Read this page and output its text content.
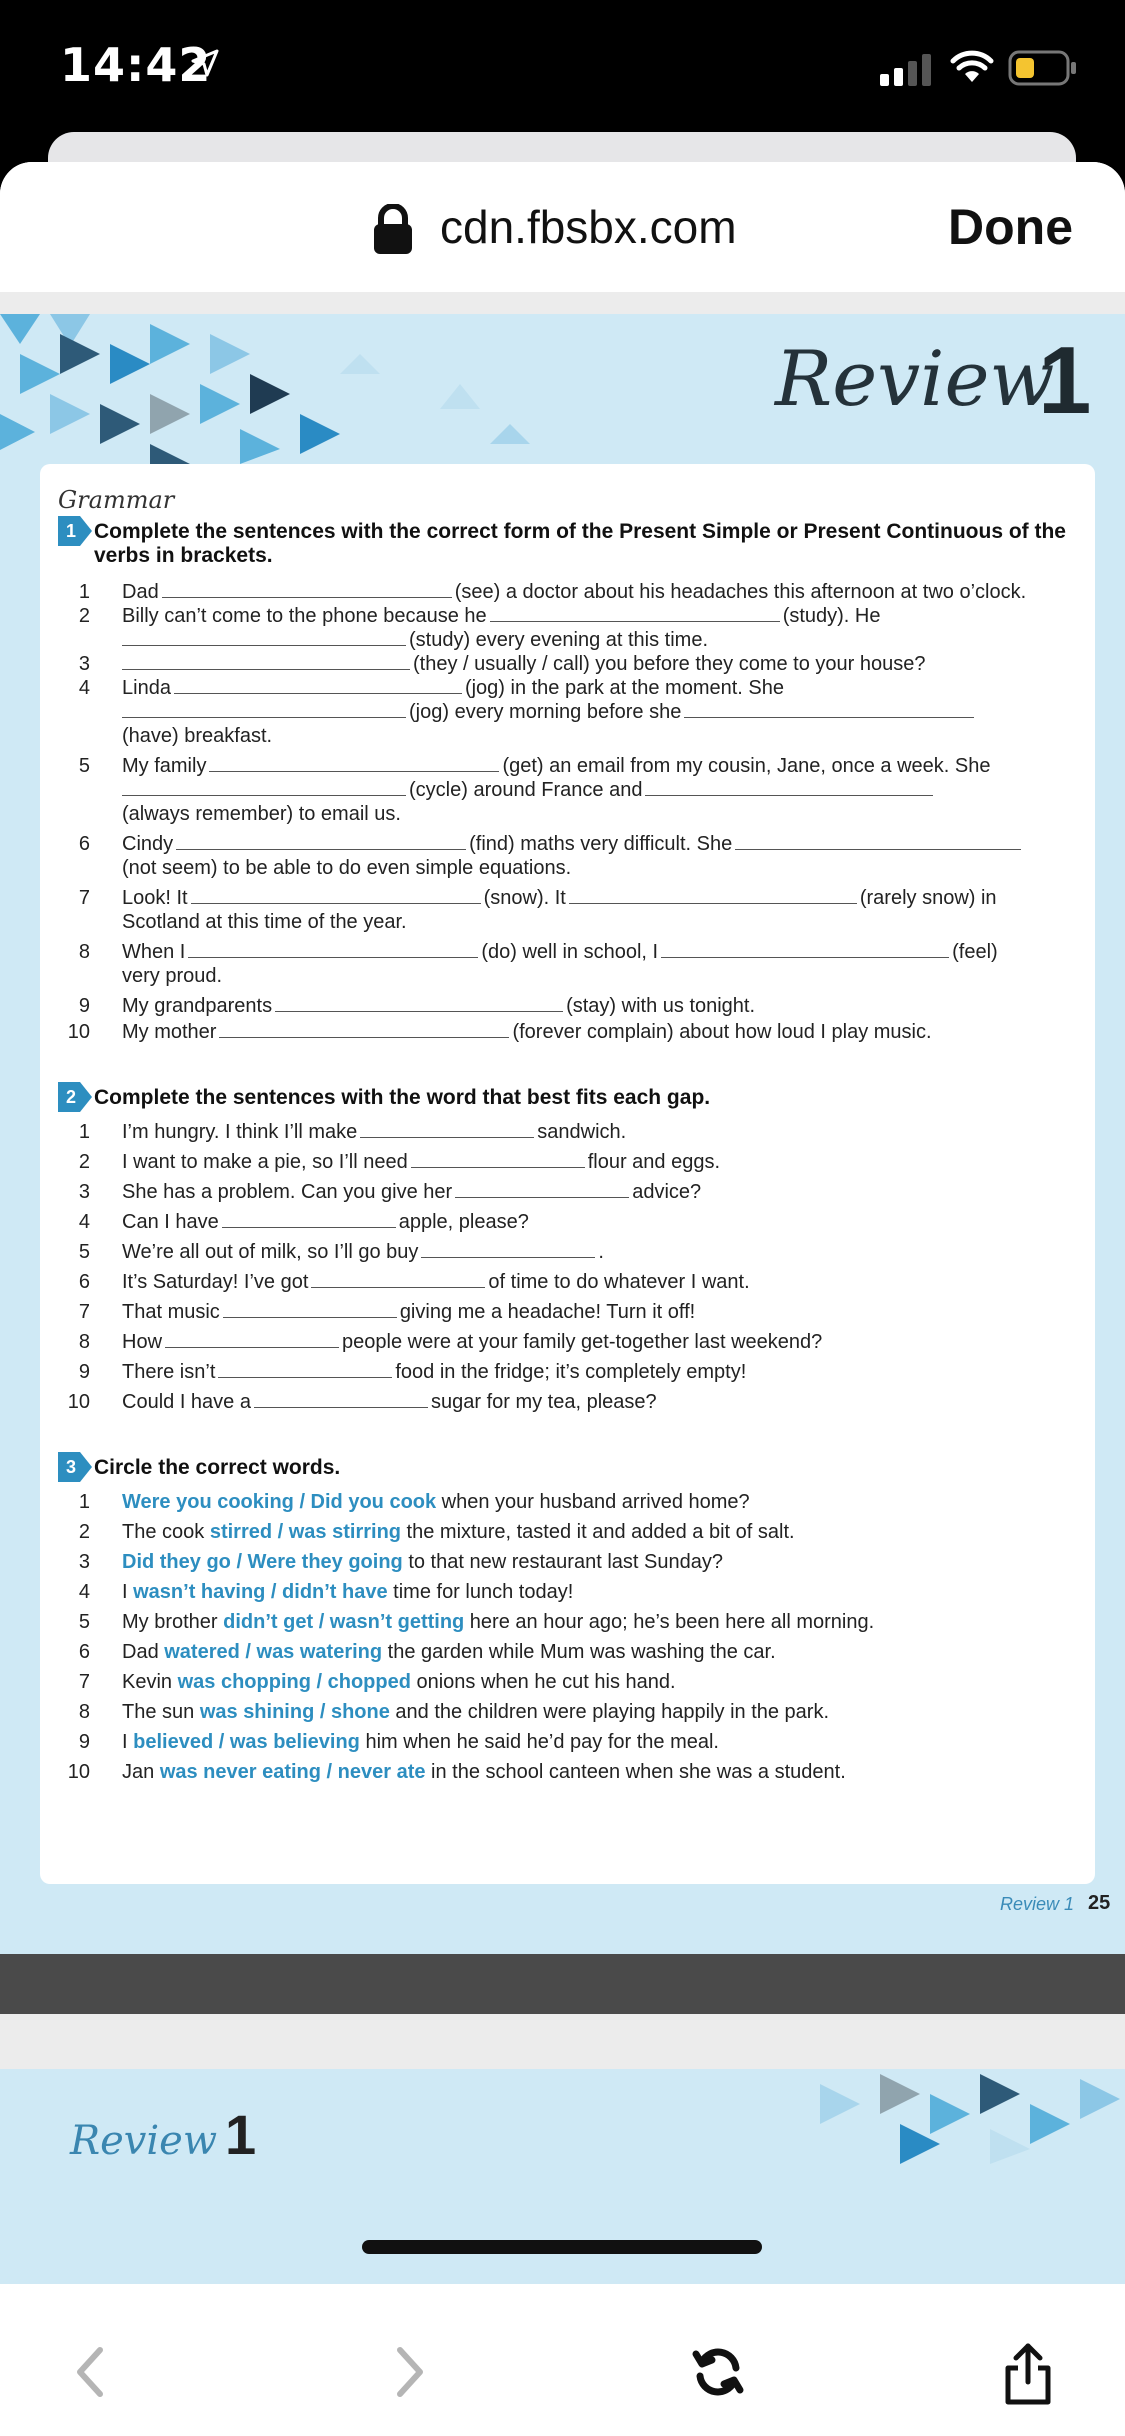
14:42
cdn.fbsbx.com	Done
Review
1
Grammar
1 Complete the sentences with the correct form of the Present Simple or Present Continuous of the
verbs in brackets.
1	Dad	(see) a doctor about his headaches this afternoon at two o’clock.
2	Billy can’t come to the phone because he	(study). He
(study) every evening at this time.
3	(they / usually / call) you before they come to your house?
4	Linda	(jog) in the park at the moment. She
(jog) every morning before she
(have) breakfast.
5	My family	(get) an email from my cousin, Jane, once a week. She
(cycle) around France and
(always remember) to email us.
6	Cindy	(find) maths very difficult. She
(not seem) to be able to do even simple equations.
7	Look! It	(snow). It	(rarely snow) in
Scotland at this time of the year.
8	When I	(do) well in school, I	(feel)
very proud.
9	My grandparents	(stay) with us tonight.
10	My mother	(forever complain) about how loud I play music.
2 Complete the sentences with the word that best fits each gap.
1	I’m hungry. I think I’ll make	sandwich.
2	I want to make a pie, so I’ll need	flour and eggs.
3	She has a problem. Can you give her	advice?
4	Can I have	apple, please?
5	We’re all out of milk, so I’ll go buy	.
6	It’s Saturday! I’ve got	of time to do whatever I want.
7	That music	giving me a headache! Turn it off!
8	How	people were at your family get-together last weekend?
9	There isn’t	food in the fridge; it’s completely empty!
10	Could I have a	sugar for my tea, please?
3 Circle the correct words.
1	Were you cooking / Did you cook when your husband arrived home?
2	The cook stirred / was stirring the mixture, tasted it and added a bit of salt.
3	Did they go / Were they going to that new restaurant last Sunday?
4	I wasn’t having / didn’t have time for lunch today!
5	My brother didn’t get / wasn’t getting here an hour ago; he’s been here all morning.
6	Dad watered / was watering the garden while Mum was washing the car.
7	Kevin was chopping / chopped onions when he cut his hand.
8	The sun was shining / shone and the children were playing happily in the park.
9	I believed / was believing him when he said he’d pay for the meal.
10	Jan was never eating / never ate in the school canteen when she was a student.
Review 1 25
Review 1
